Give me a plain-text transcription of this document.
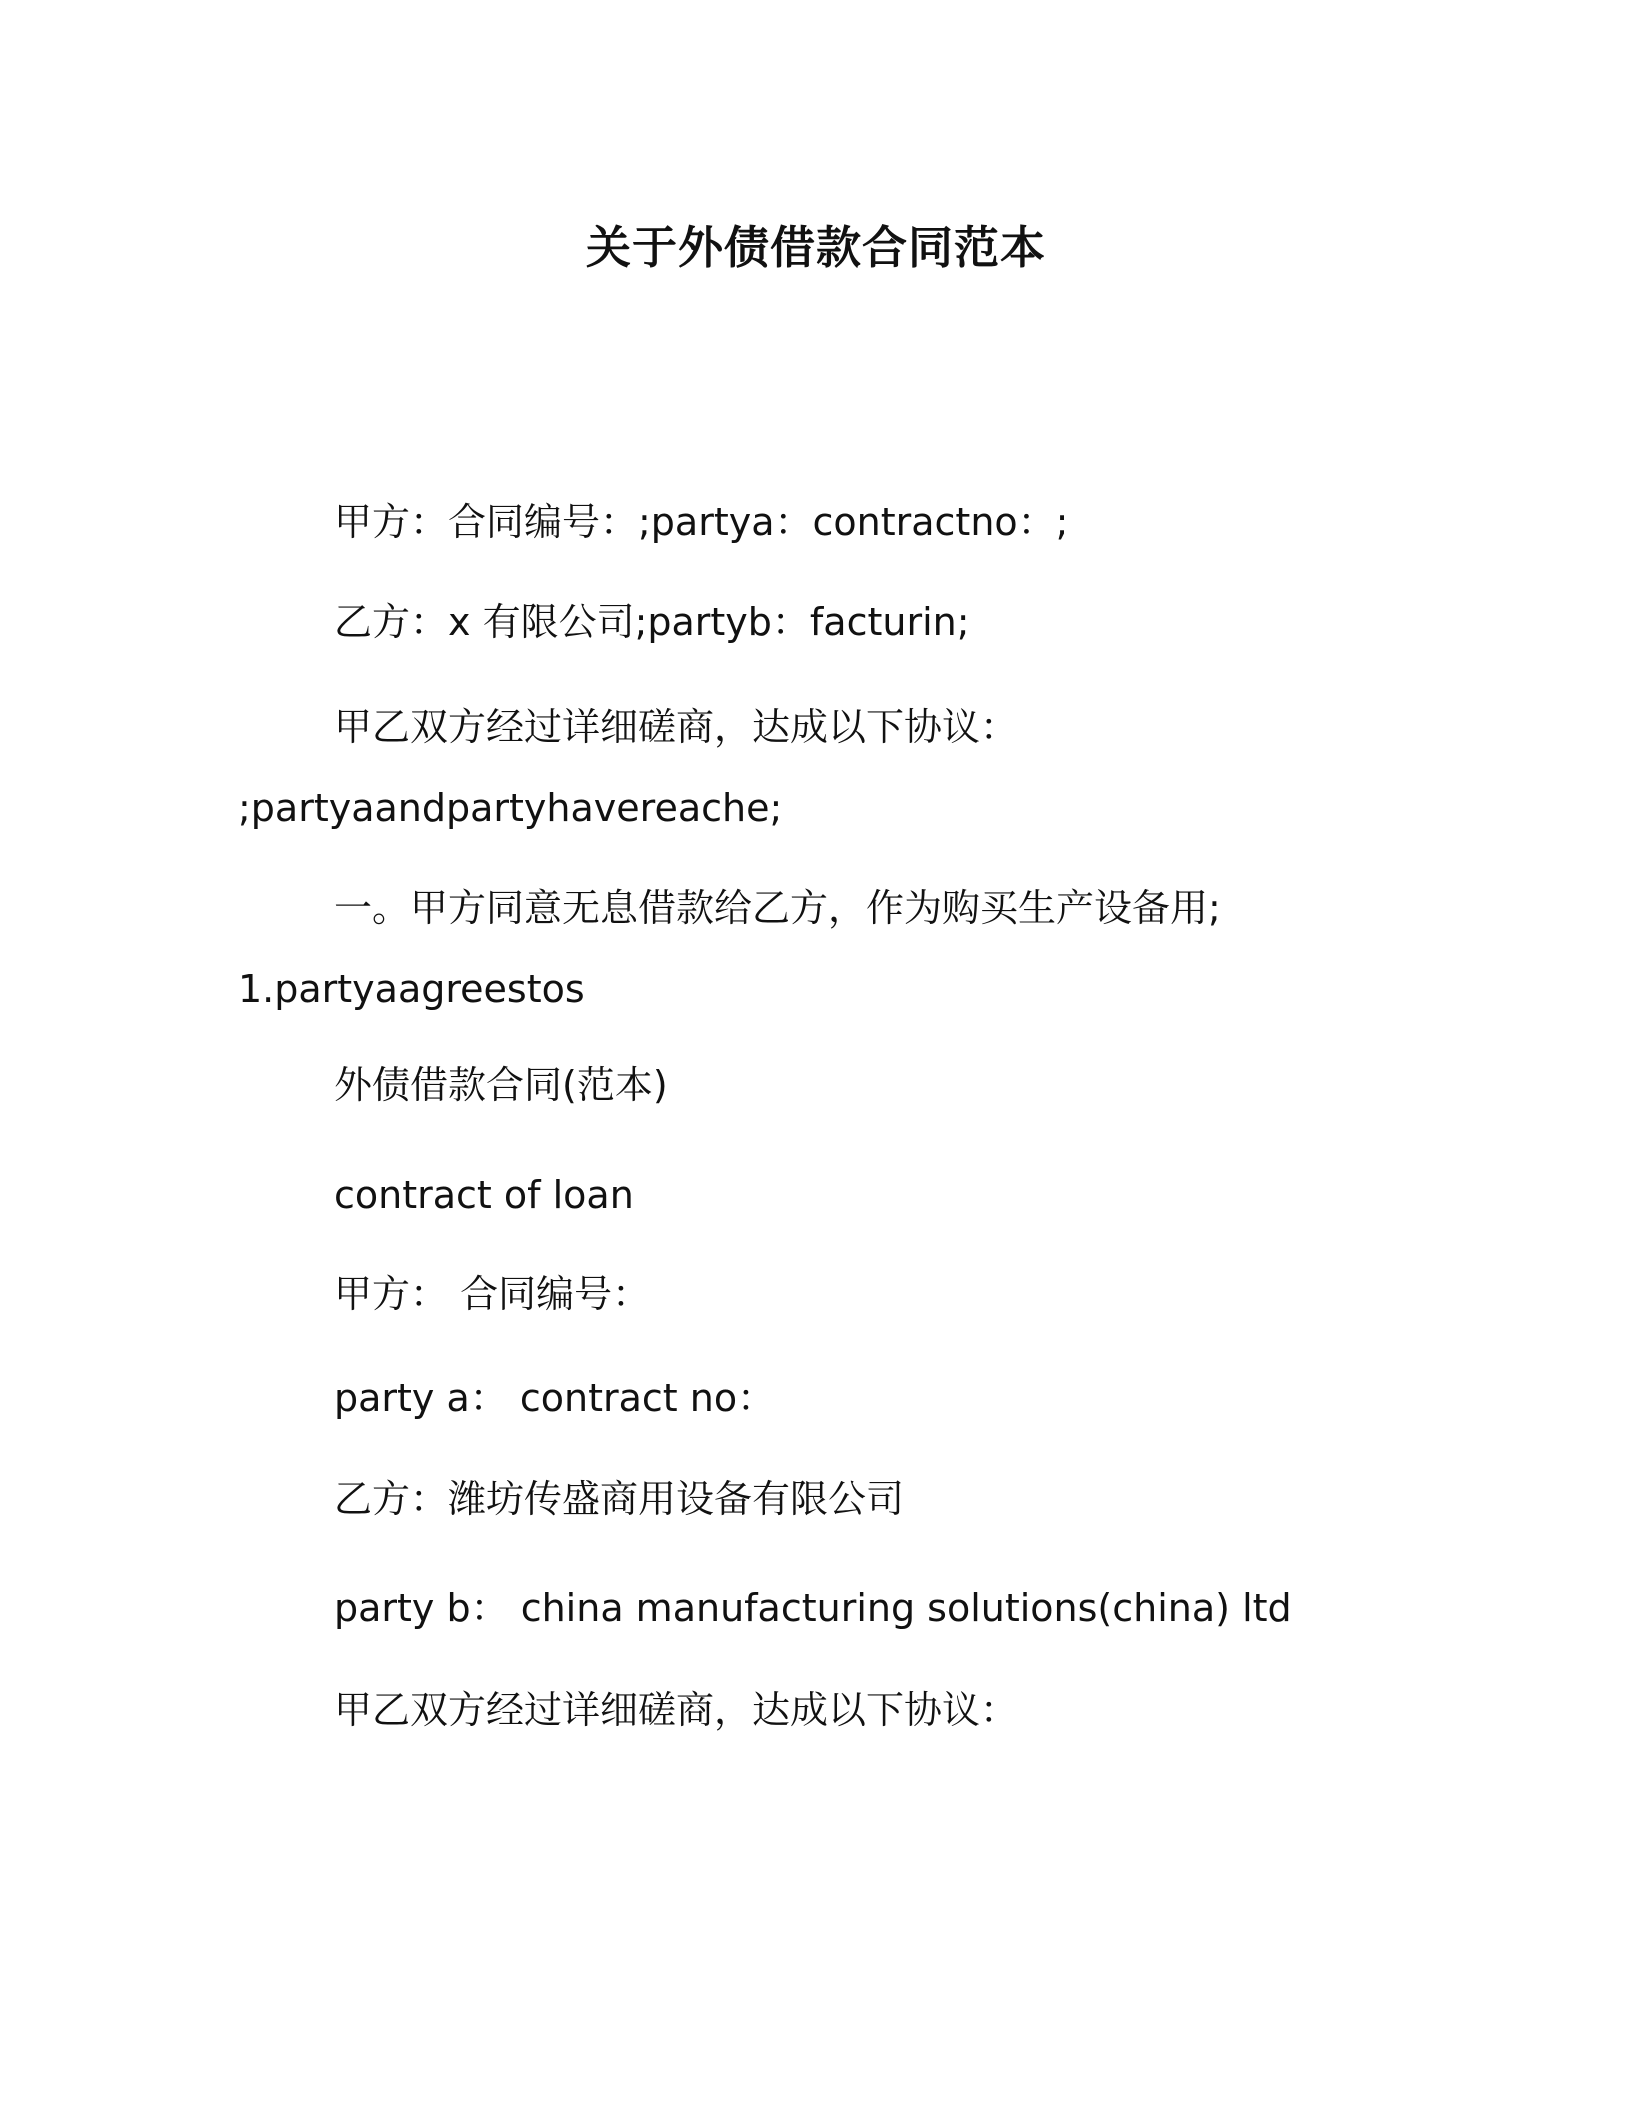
关于外债借款合同范本
甲方：合同编号：;partya：contractno：;
乙方：x 有限公司;partyb：facturin;
甲乙双方经过详细磋商，达成以下协议：
;partyaandpartyhavereache;
一。甲方同意无息借款给乙方，作为购买生产设备用;
1.partyaagreestos
外债借款合同(范本)
contract of loan
甲方： 合同编号：
party a： contract no：
乙方：潍坊传盛商用设备有限公司
party b： china manufacturing solutions(china) ltd
甲乙双方经过详细磋商，达成以下协议：
